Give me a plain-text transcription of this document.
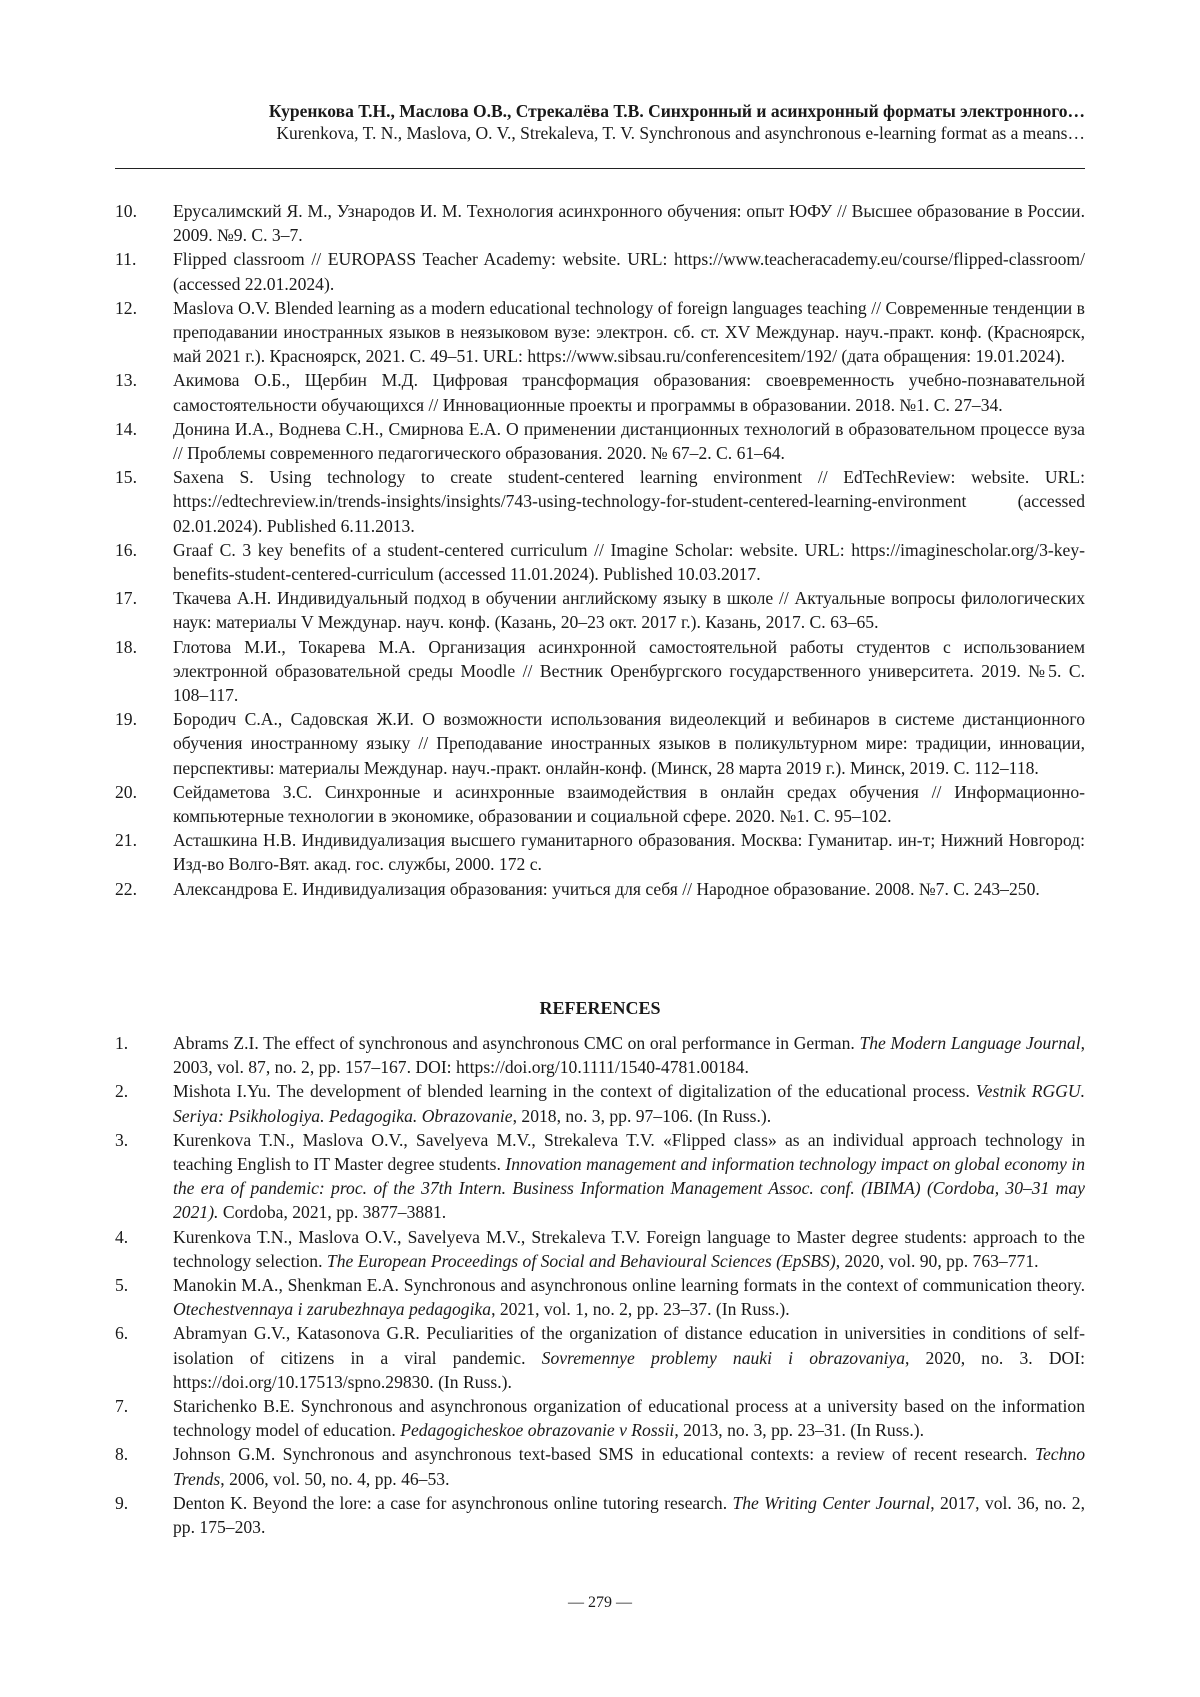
Куренкова Т.Н., Маслова О.В., Стрекалёва Т.В. Синхронный и асинхронный форматы электронного…
Kurenkova, T. N., Maslova, O. V., Strekaleva, T. V. Synchronous and asynchronous e-learning format as a means…
10.	Ерусалимский Я. М., Узнародов И. М. Технология асинхронного обучения: опыт ЮФУ // Высшее образование в России. 2009. №9. С. 3–7.
11.	Flipped classroom // EUROPASS Teacher Academy: website. URL: https://www.teacheracademy.eu/course/flipped-classroom/ (accessed 22.01.2024).
12.	Maslova O.V. Blended learning as a modern educational technology of foreign languages teaching // Современные тенденции в преподавании иностранных языков в неязыковом вузе: электрон. сб. ст. XV Междунар. науч.-практ. конф. (Красноярск, май 2021 г.). Красноярск, 2021. С. 49–51. URL: https://www.sibsau.ru/conferencesitem/192/ (дата обращения: 19.01.2024).
13.	Акимова О.Б., Щербин М.Д. Цифровая трансформация образования: своевременность учебно-познавательной самостоятельности обучающихся // Инновационные проекты и программы в образовании. 2018. №1. С. 27–34.
14.	Донина И.А., Воднева С.Н., Смирнова Е.А. О применении дистанционных технологий в образовательном процессе вуза // Проблемы современного педагогического образования. 2020. № 67–2. С. 61–64.
15.	Saxena S. Using technology to create student-centered learning environment // EdTechReview: website. URL: https://edtechreview.in/trends-insights/insights/743-using-technology-for-student-centered-learning-environment (accessed 02.01.2024). Published 6.11.2013.
16.	Graaf C. 3 key benefits of a student-centered curriculum // Imagine Scholar: website. URL: https://imaginescholar.org/3-key-benefits-student-centered-curriculum (accessed 11.01.2024). Published 10.03.2017.
17.	Ткачева А.Н. Индивидуальный подход в обучении английскому языку в школе // Актуальные вопросы филологических наук: материалы V Междунар. науч. конф. (Казань, 20–23 окт. 2017 г.). Казань, 2017. С. 63–65.
18.	Глотова М.И., Токарева М.А. Организация асинхронной самостоятельной работы студентов с использованием электронной образовательной среды Moodle // Вестник Оренбургского государственного университета. 2019. №5. С. 108–117.
19.	Бородич С.А., Садовская Ж.И. О возможности использования видеолекций и вебинаров в системе дистанционного обучения иностранному языку // Преподавание иностранных языков в поликультурном мире: традиции, инновации, перспективы: материалы Междунар. науч.-практ. онлайн-конф. (Минск, 28 марта 2019 г.). Минск, 2019. С. 112–118.
20.	Сейдаметова З.С. Синхронные и асинхронные взаимодействия в онлайн средах обучения // Информационно-компьютерные технологии в экономике, образовании и социальной сфере. 2020. №1. С. 95–102.
21.	Асташкина Н.В. Индивидуализация высшего гуманитарного образования. Москва: Гуманитар. ин-т; Нижний Новгород: Изд-во Волго-Вят. акад. гос. службы, 2000. 172 с.
22.	Александрова Е. Индивидуализация образования: учиться для себя // Народное образование. 2008. №7. С. 243–250.
REFERENCES
1.	Abrams Z.I. The effect of synchronous and asynchronous CMC on oral performance in German. The Modern Language Journal, 2003, vol. 87, no. 2, pp. 157–167. DOI: https://doi.org/10.1111/1540-4781.00184.
2.	Mishota I.Yu. The development of blended learning in the context of digitalization of the educational process. Vestnik RGGU. Seriya: Psikhologiya. Pedagogika. Obrazovanie, 2018, no. 3, pp. 97–106. (In Russ.).
3.	Kurenkova T.N., Maslova O.V., Savelyeva M.V., Strekaleva T.V. «Flipped class» as an individual approach technology in teaching English to IT Master degree students. Innovation management and information technology impact on global economy in the era of pandemic: proc. of the 37th Intern. Business Information Management Assoc. conf. (IBIMA) (Cordoba, 30–31 may 2021). Cordoba, 2021, pp. 3877–3881.
4.	Kurenkova T.N., Maslova O.V., Savelyeva M.V., Strekaleva T.V. Foreign language to Master degree students: approach to the technology selection. The European Proceedings of Social and Behavioural Sciences (EpSBS), 2020, vol. 90, pp. 763–771.
5.	Manokin M.A., Shenkman E.A. Synchronous and asynchronous online learning formats in the context of communication theory. Otechestvennaya i zarubezhnaya pedagogika, 2021, vol. 1, no. 2, pp. 23–37. (In Russ.).
6.	Abramyan G.V., Katasonova G.R. Peculiarities of the organization of distance education in universities in conditions of self-isolation of citizens in a viral pandemic. Sovremennye problemy nauki i obrazovaniya, 2020, no. 3. DOI: https://doi.org/10.17513/spno.29830. (In Russ.).
7.	Starichenko B.E. Synchronous and asynchronous organization of educational process at a university based on the information technology model of education. Pedagogicheskoe obrazovanie v Rossii, 2013, no. 3, pp. 23–31. (In Russ.).
8.	Johnson G.M. Synchronous and asynchronous text-based SMS in educational contexts: a review of recent research. Techno Trends, 2006, vol. 50, no. 4, pp. 46–53.
9.	Denton K. Beyond the lore: a case for asynchronous online tutoring research. The Writing Center Journal, 2017, vol. 36, no. 2, pp. 175–203.
— 279 —
